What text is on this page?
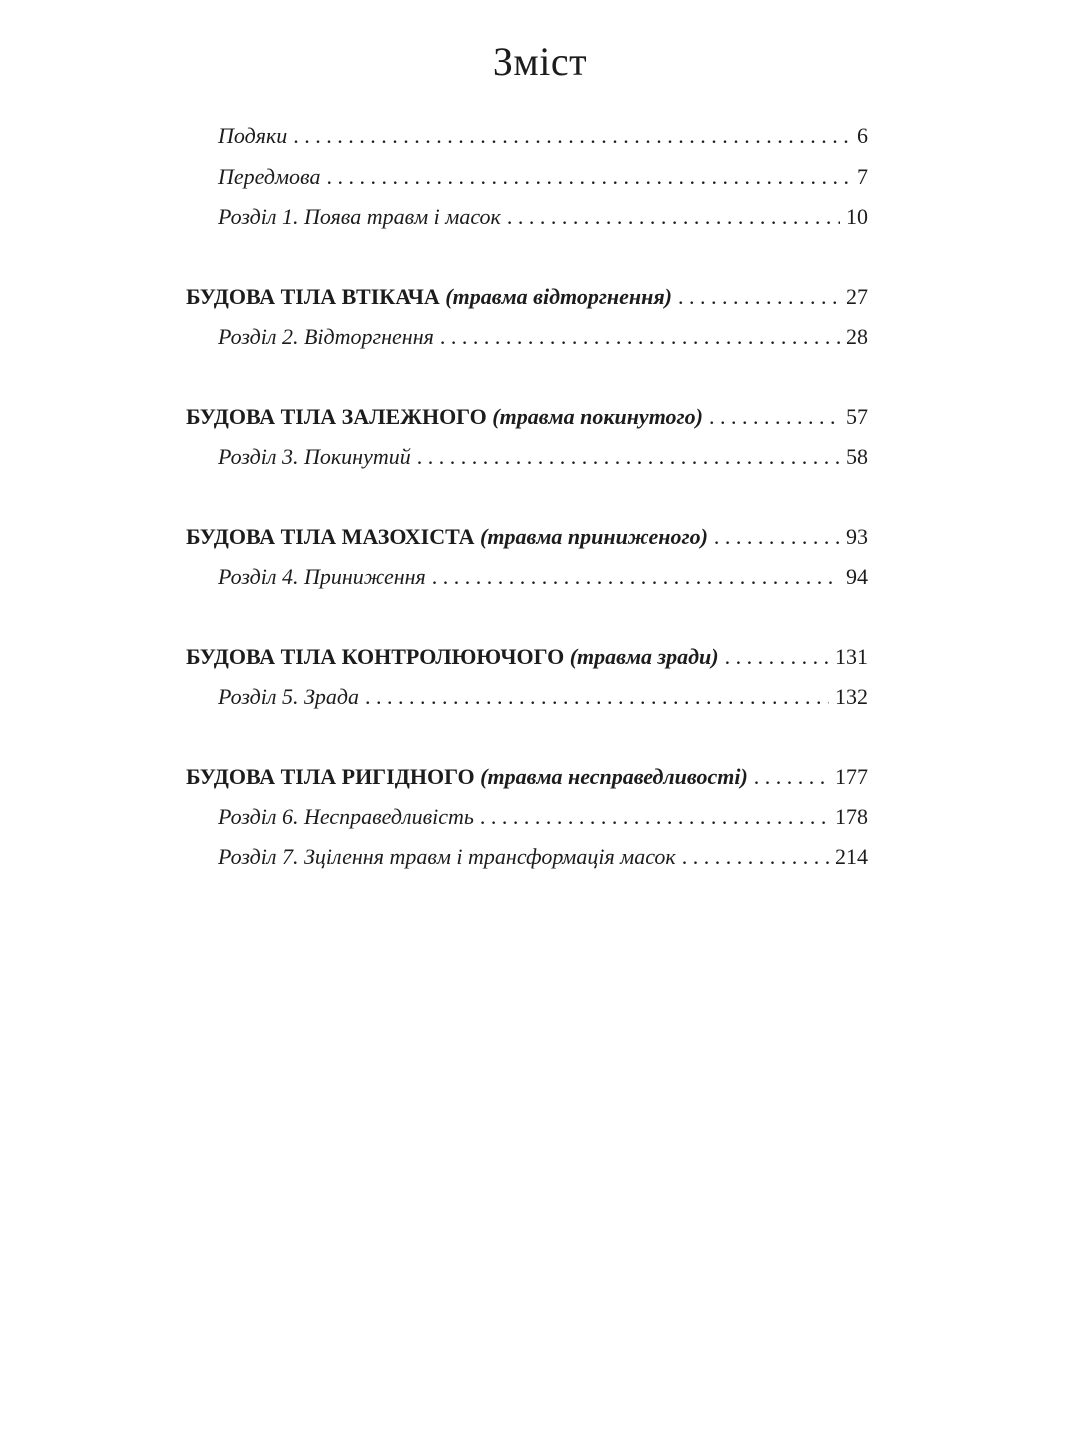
Зміст
Подяки . . .	6
Передмова . . .	7
Розділ 1. Поява травм і масок . . .	10
БУДОВА ТІЛА ВТІКАЧА (травма відторгнення) . . .	27
Розділ 2. Відторгнення . . .	28
БУДОВА ТІЛА ЗАЛЕЖНОГО (травма покинутого) . . .	57
Розділ 3. Покинутий . . .	58
БУДОВА ТІЛА МАЗОХІСТА (травма приниженого) . . .	93
Розділ 4. Приниження . . .	94
БУДОВА ТІЛА КОНТРОЛЮЮЧОГО (травма зради) . . .	131
Розділ 5. Зрада . . .	132
БУДОВА ТІЛА РИГІДНОГО (травма несправедливості) . . .	177
Розділ 6. Несправедливість . . .	178
Розділ 7. Зцілення травм і трансформація масок . . .	214
